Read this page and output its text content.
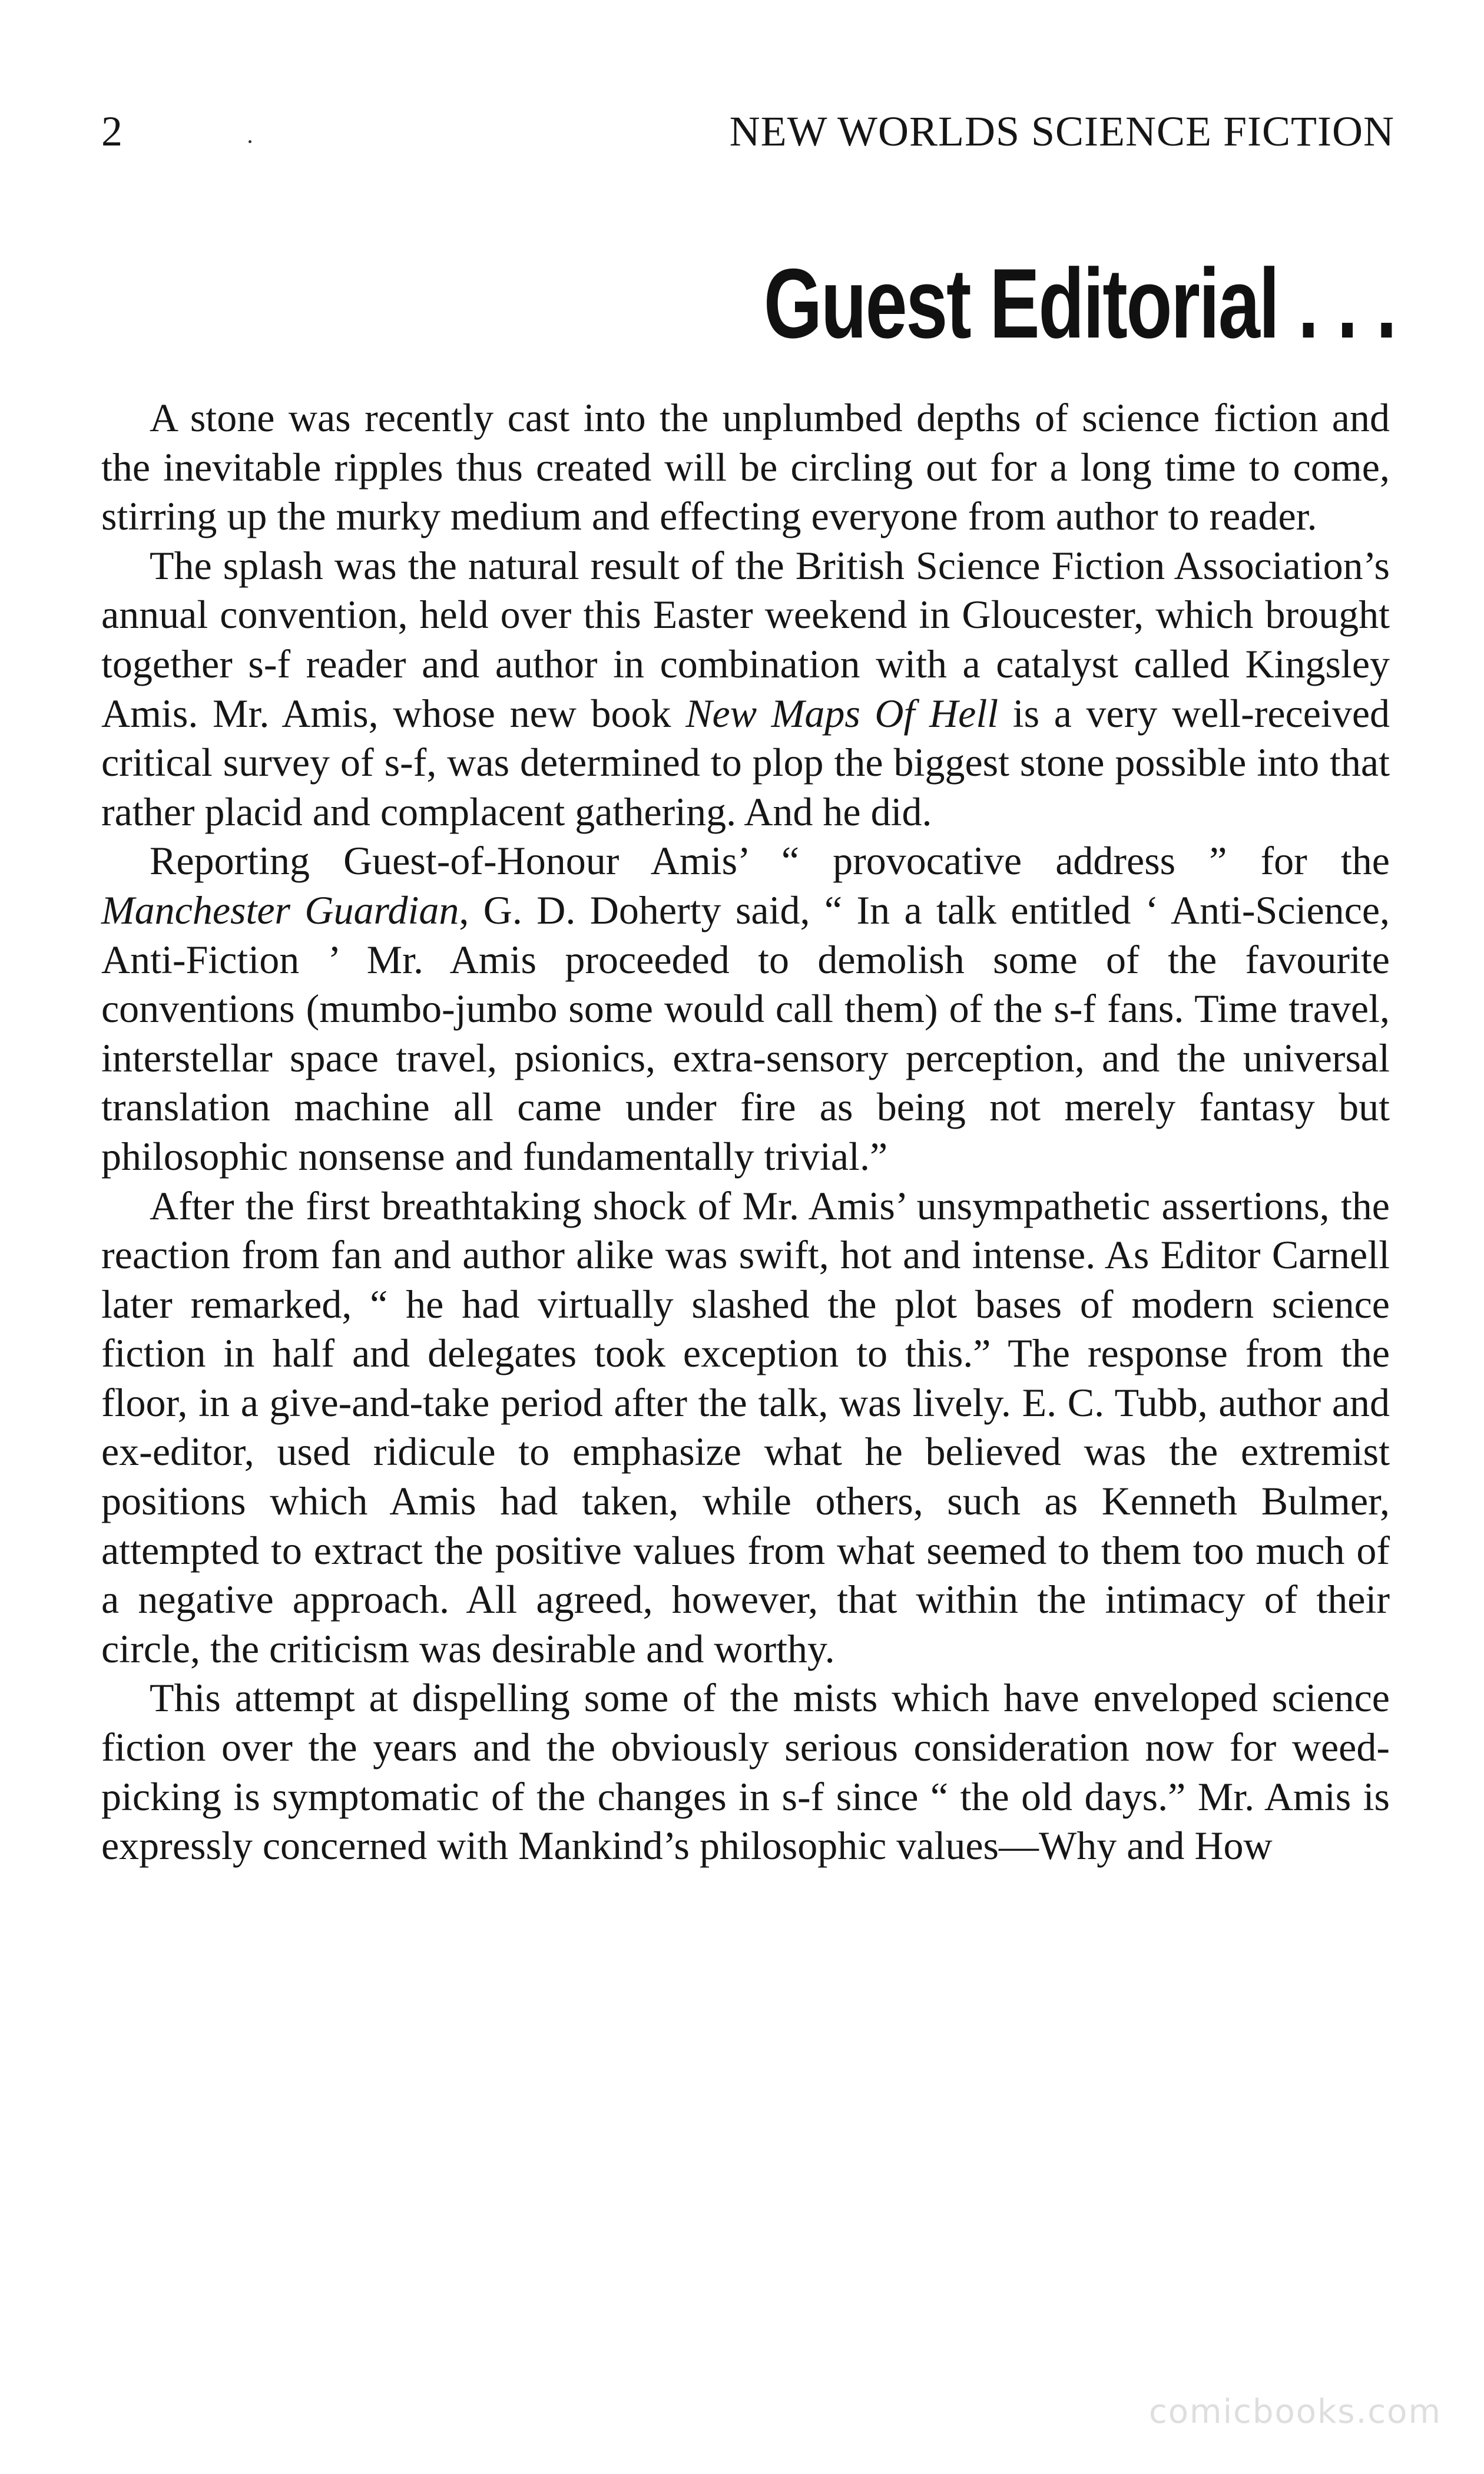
2	NEW WORLDS SCIENCE FICTION
Guest Editorial . . .

A stone was recently cast into the unplumbed depths of science fiction and the inevitable ripples thus created will be circling out for a long time to come, stirring up the murky medium and effecting everyone from author to reader.

The splash was the natural result of the British Science Fiction Association’s annual convention, held over this Easter weekend in Gloucester, which brought together s-f reader and author in combination with a catalyst called Kingsley Amis. Mr. Amis, whose new book New Maps Of Hell is a very well-received critical survey of s-f, was determined to plop the biggest stone possible into that rather placid and complacent gathering. And he did.

Reporting Guest-of-Honour Amis’ “ provocative address ” for the Manchester Guardian, G. D. Doherty said, “ In a talk entitled ‘ Anti-Science, Anti-Fiction ’ Mr. Amis proceeded to demolish some of the favourite conventions (mumbo-jumbo some would call them) of the s-f fans. Time travel, interstellar space travel, psionics, extra-sensory perception, and the universal translation machine all came under fire as being not merely fantasy but philosophic nonsense and fundamentally trivial.”

After the first breathtaking shock of Mr. Amis’ unsympathetic assertions, the reaction from fan and author alike was swift, hot and intense. As Editor Carnell later remarked, “ he had virtually slashed the plot bases of modern science fiction in half and delegates took exception to this.” The response from the floor, in a give-and-take period after the talk, was lively. E. C. Tubb, author and ex-editor, used ridicule to emphasize what he believed was the extremist positions which Amis had taken, while others, such as Kenneth Bulmer, attempted to extract the positive values from what seemed to them too much of a negative approach. All agreed, however, that within the intimacy of their circle, the criticism was desirable and worthy.

This attempt at dispelling some of the mists which have enveloped science fiction over the years and the obviously serious consideration now for weed-picking is symptomatic of the changes in s-f since “ the old days.” Mr. Amis is expressly concerned with Mankind’s philosophic values—Why and How

comicbooks.com
